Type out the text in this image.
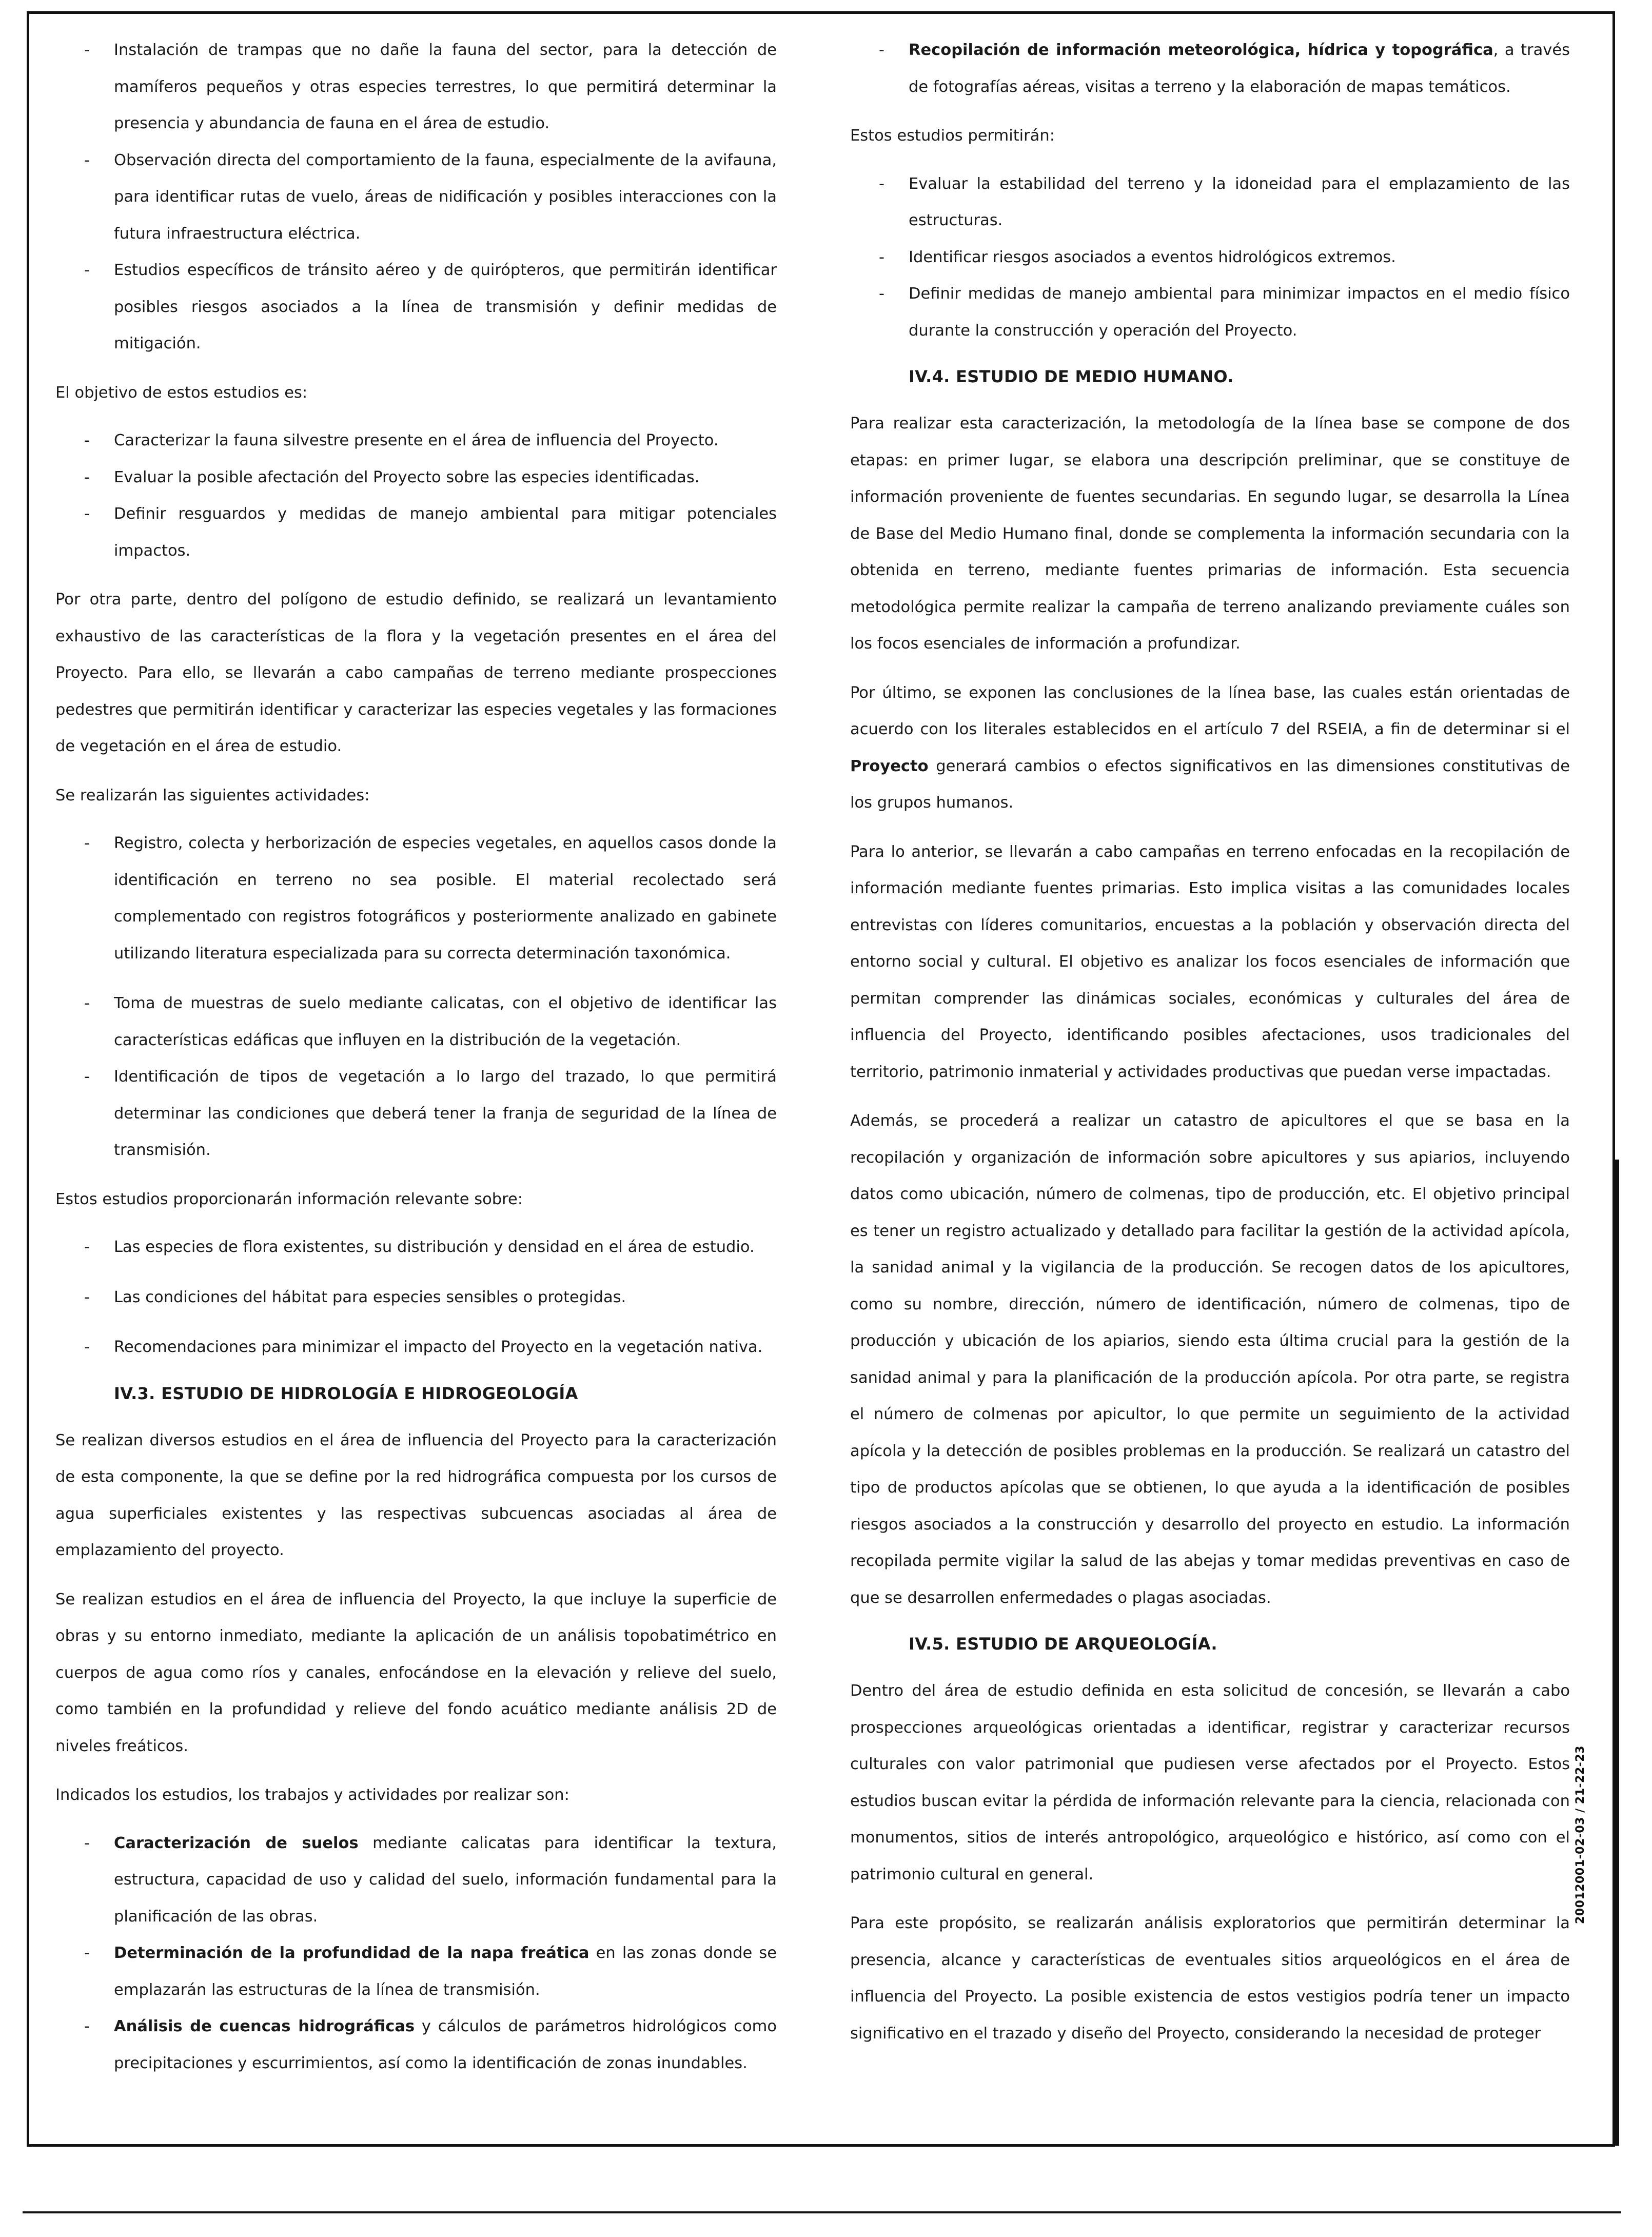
20012001-02-03 / 21-22-23
- Instalación de trampas que no dañe la fauna del sector, para la detección de mamíferos pequeños y otras especies terrestres, lo que permitirá determinar la presencia y abundancia de fauna en el área de estudio.
- Observación directa del comportamiento de la fauna, especialmente de la avifauna, para identificar rutas de vuelo, áreas de nidificación y posibles interacciones con la futura infraestructura eléctrica.
- Estudios específicos de tránsito aéreo y de quirópteros, que permitirán identificar posibles riesgos asociados a la línea de transmisión y definir medidas de mitigación.

El objetivo de estos estudios es:

- Caracterizar la fauna silvestre presente en el área de influencia del Proyecto.
- Evaluar la posible afectación del Proyecto sobre las especies identificadas.
- Definir resguardos y medidas de manejo ambiental para mitigar potenciales impactos.

Por otra parte, dentro del polígono de estudio definido, se realizará un levantamiento exhaustivo de las características de la flora y la vegetación presentes en el área del Proyecto. Para ello, se llevarán a cabo campañas de terreno mediante prospecciones pedestres que permitirán identificar y caracterizar las especies vegetales y las formaciones de vegetación en el área de estudio.

Se realizarán las siguientes actividades:

- Registro, colecta y herborización de especies vegetales, en aquellos casos donde la identificación en terreno no sea posible. El material recolectado será complementado con registros fotográficos y posteriormente analizado en gabinete utilizando literatura especializada para su correcta determinación taxonómica.
- Toma de muestras de suelo mediante calicatas, con el objetivo de identificar las características edáficas que influyen en la distribución de la vegetación.
- Identificación de tipos de vegetación a lo largo del trazado, lo que permitirá determinar las condiciones que deberá tener la franja de seguridad de la línea de transmisión.

Estos estudios proporcionarán información relevante sobre:

- Las especies de flora existentes, su distribución y densidad en el área de estudio.
- Las condiciones del hábitat para especies sensibles o protegidas.
- Recomendaciones para minimizar el impacto del Proyecto en la vegetación nativa.
IV.3. ESTUDIO DE HIDROLOGÍA E HIDROGEOLOGÍA

Se realizan diversos estudios en el área de influencia del Proyecto para la caracterización de esta componente, la que se define por la red hidrográfica compuesta por los cursos de agua superficiales existentes y las respectivas subcuencas asociadas al área de emplazamiento del proyecto.

Se realizan estudios en el área de influencia del Proyecto, la que incluye la superficie de obras y su entorno inmediato, mediante la aplicación de un análisis topobatimétrico en cuerpos de agua como ríos y canales, enfocándose en la elevación y relieve del suelo, como también en la profundidad y relieve del fondo acuático mediante análisis 2D de niveles freáticos.

Indicados los estudios, los trabajos y actividades por realizar son:

- Caracterización de suelos mediante calicatas para identificar la textura, estructura, capacidad de uso y calidad del suelo, información fundamental para la planificación de las obras.
- Determinación de la profundidad de la napa freática en las zonas donde se emplazarán las estructuras de la línea de transmisión.
- Análisis de cuencas hidrográficas y cálculos de parámetros hidrológicos como precipitaciones y escurrimientos, así como la identificación de zonas inundables.
- Recopilación de información meteorológica, hídrica y topográfica, a través de fotografías aéreas, visitas a terreno y la elaboración de mapas temáticos.

Estos estudios permitirán:

- Evaluar la estabilidad del terreno y la idoneidad para el emplazamiento de las estructuras.
- Identificar riesgos asociados a eventos hidrológicos extremos.
- Definir medidas de manejo ambiental para minimizar impactos en el medio físico durante la construcción y operación del Proyecto.
IV.4. ESTUDIO DE MEDIO HUMANO.

Para realizar esta caracterización, la metodología de la línea base se compone de dos etapas: en primer lugar, se elabora una descripción preliminar, que se constituye de información proveniente de fuentes secundarias. En segundo lugar, se desarrolla la Línea de Base del Medio Humano final, donde se complementa la información secundaria con la obtenida en terreno, mediante fuentes primarias de información. Esta secuencia metodológica permite realizar la campaña de terreno analizando previamente cuáles son los focos esenciales de información a profundizar.

Por último, se exponen las conclusiones de la línea base, las cuales están orientadas de acuerdo con los literales establecidos en el artículo 7 del RSEIA, a fin de determinar si el Proyecto generará cambios o efectos significativos en las dimensiones constitutivas de los grupos humanos.

Para lo anterior, se llevarán a cabo campañas en terreno enfocadas en la recopilación de información mediante fuentes primarias. Esto implica visitas a las comunidades locales entrevistas con líderes comunitarios, encuestas a la población y observación directa del entorno social y cultural. El objetivo es analizar los focos esenciales de información que permitan comprender las dinámicas sociales, económicas y culturales del área de influencia del Proyecto, identificando posibles afectaciones, usos tradicionales del territorio, patrimonio inmaterial y actividades productivas que puedan verse impactadas.

Además, se procederá a realizar un catastro de apicultores el que se basa en la recopilación y organización de información sobre apicultores y sus apiarios, incluyendo datos como ubicación, número de colmenas, tipo de producción, etc. El objetivo principal es tener un registro actualizado y detallado para facilitar la gestión de la actividad apícola, la sanidad animal y la vigilancia de la producción. Se recogen datos de los apicultores, como su nombre, dirección, número de identificación, número de colmenas, tipo de producción y ubicación de los apiarios, siendo esta última crucial para la gestión de la sanidad animal y para la planificación de la producción apícola. Por otra parte, se registra el número de colmenas por apicultor, lo que permite un seguimiento de la actividad apícola y la detección de posibles problemas en la producción. Se realizará un catastro del tipo de productos apícolas que se obtienen, lo que ayuda a la identificación de posibles riesgos asociados a la construcción y desarrollo del proyecto en estudio. La información recopilada permite vigilar la salud de las abejas y tomar medidas preventivas en caso de que se desarrollen enfermedades o plagas asociadas.

IV.5. ESTUDIO DE ARQUEOLOGÍA.

Dentro del área de estudio definida en esta solicitud de concesión, se llevarán a cabo prospecciones arqueológicas orientadas a identificar, registrar y caracterizar recursos culturales con valor patrimonial que pudiesen verse afectados por el Proyecto. Estos estudios buscan evitar la pérdida de información relevante para la ciencia, relacionada con monumentos, sitios de interés antropológico, arqueológico e histórico, así como con el patrimonio cultural en general.

Para este propósito, se realizarán análisis exploratorios que permitirán determinar la presencia, alcance y características de eventuales sitios arqueológicos en el área de influencia del Proyecto. La posible existencia de estos vestigios podría tener un impacto significativo en el trazado y diseño del Proyecto, considerando la necesidad de proteger
